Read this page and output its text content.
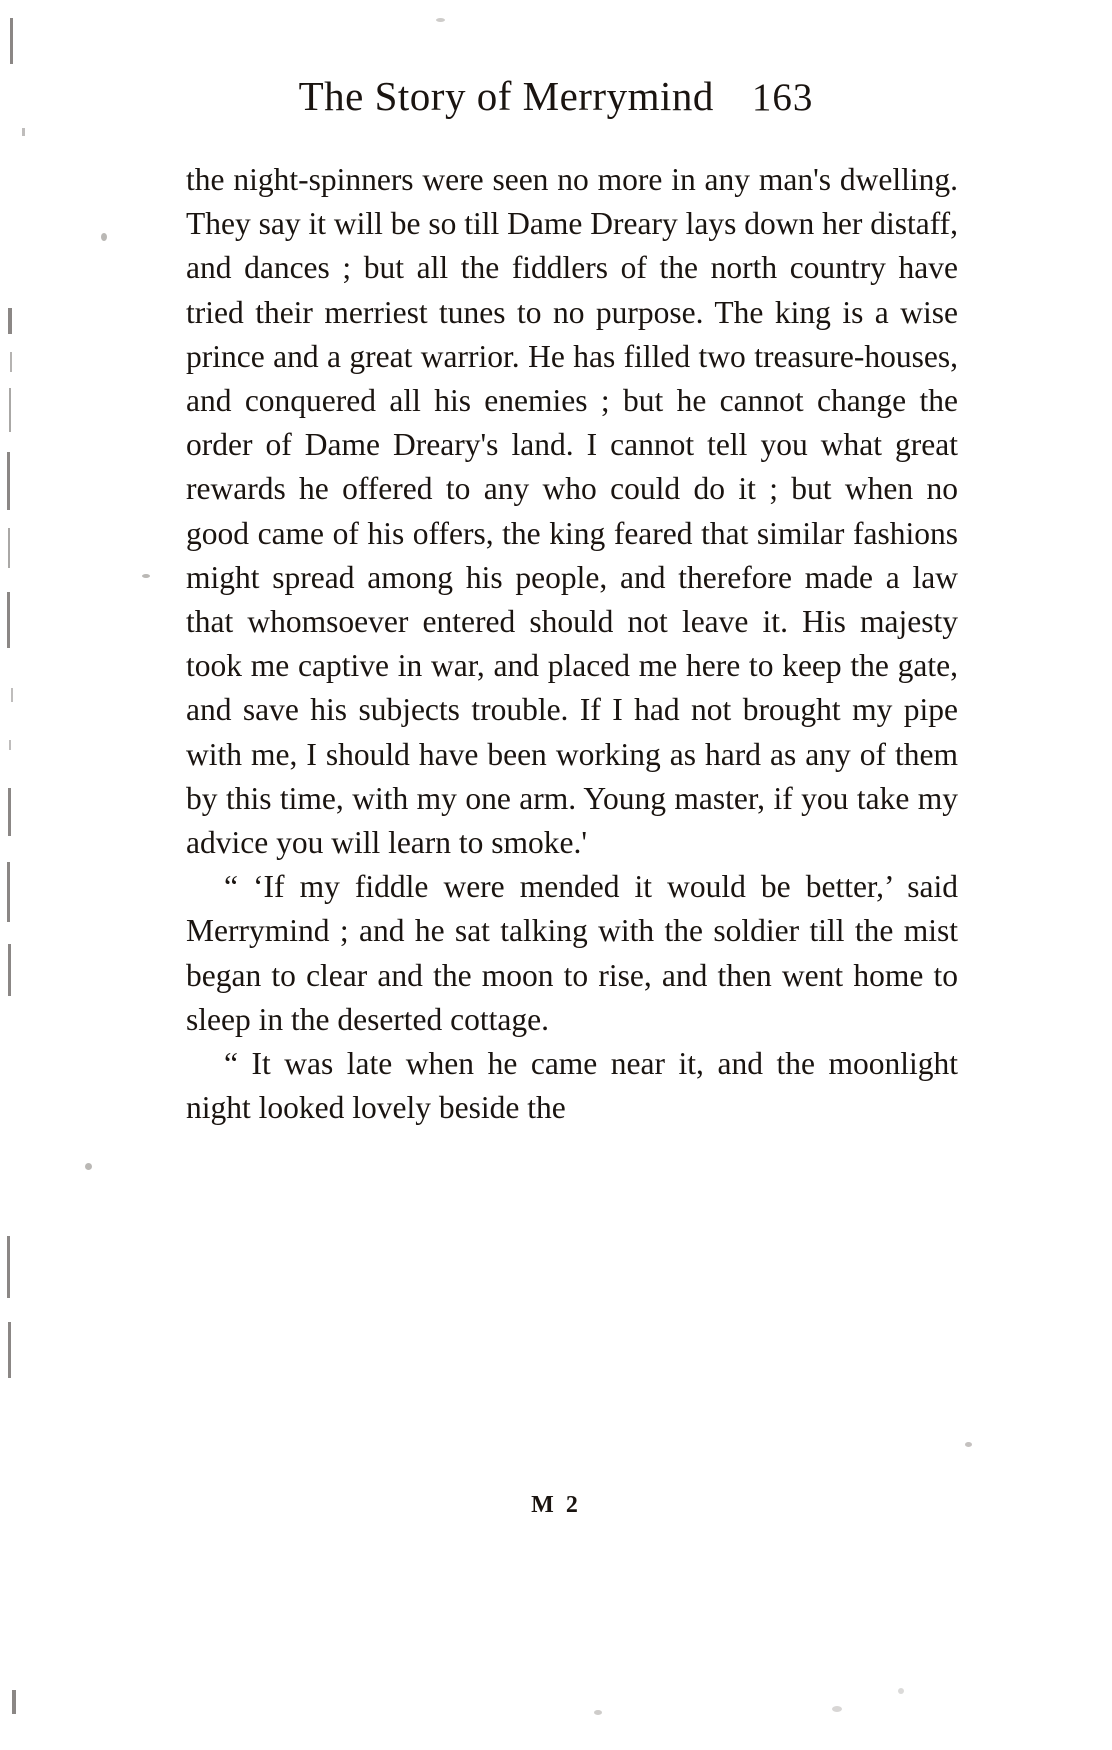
The Story of Merrymind 163

the night-spinners were seen no more in any man's dwelling. They say it will be so till Dame Dreary lays down her distaff, and dances ; but all the fiddlers of the north country have tried their merriest tunes to no purpose. The king is a wise prince and a great warrior. He has filled two treasure-houses, and conquered all his enemies ; but he cannot change the order of Dame Dreary's land. I cannot tell you what great rewards he offered to any who could do it ; but when no good came of his offers, the king feared that similar fashions might spread among his people, and therefore made a law that whomsoever entered should not leave it. His majesty took me captive in war, and placed me here to keep the gate, and save his subjects trouble. If I had not brought my pipe with me, I should have been working as hard as any of them by this time, with my one arm. Young master, if you take my advice you will learn to smoke.'

“ ‘If my fiddle were mended it would be better,’ said Merrymind ; and he sat talking with the soldier till the mist began to clear and the moon to rise, and then went home to sleep in the deserted cottage.

“ It was late when he came near it, and the moonlight night looked lovely beside the

M 2
